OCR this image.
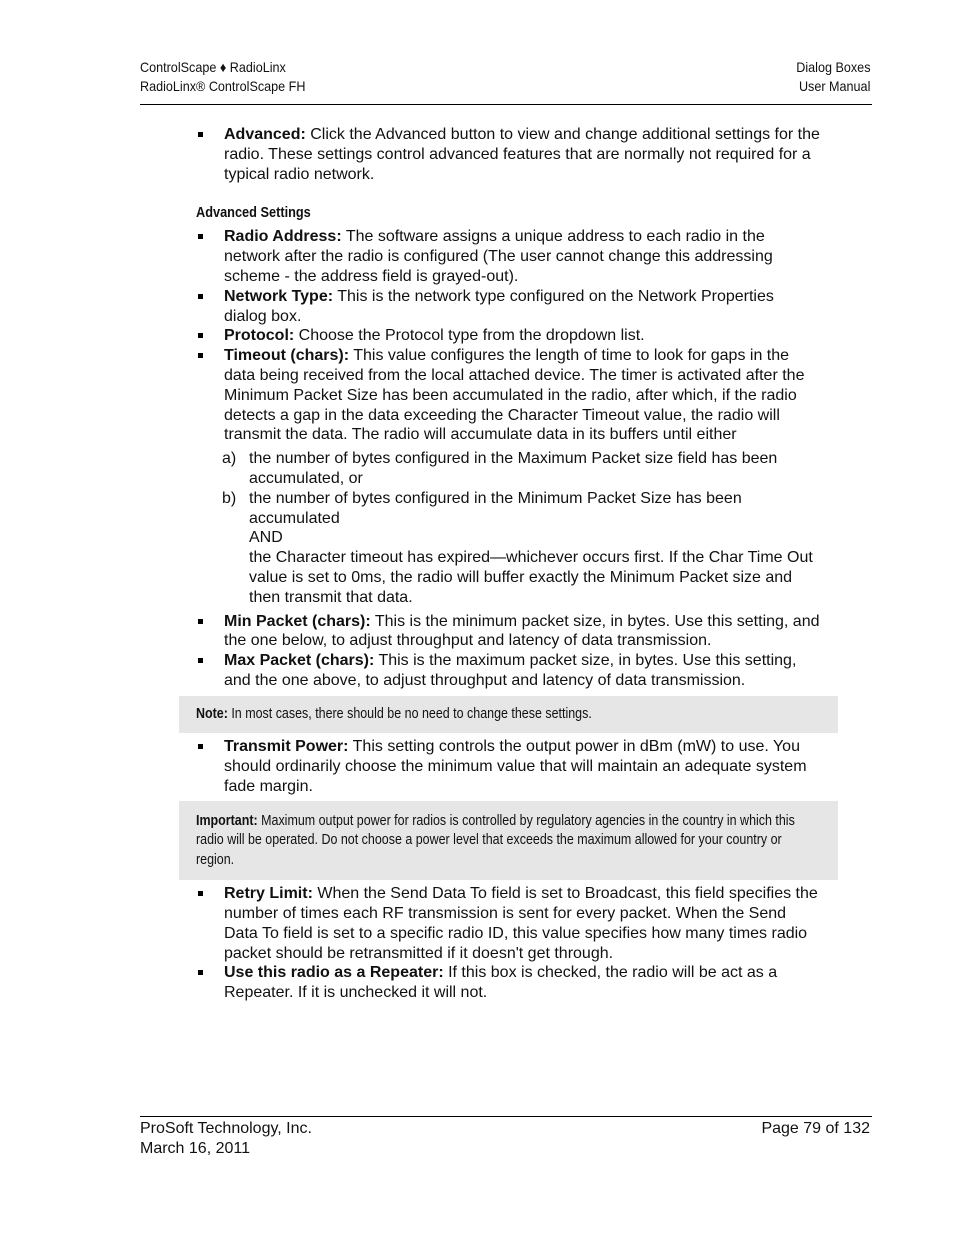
ControlScape ♦ RadioLinx
RadioLinx® ControlScape FH
Dialog Boxes
User Manual
Advanced: Click the Advanced button to view and change additional settings for the radio. These settings control advanced features that are normally not required for a typical radio network.
Advanced Settings
Radio Address: The software assigns a unique address to each radio in the network after the radio is configured (The user cannot change this addressing scheme - the address field is grayed-out).
Network Type: This is the network type configured on the Network Properties dialog box.
Protocol: Choose the Protocol type from the dropdown list.
Timeout (chars): This value configures the length of time to look for gaps in the data being received from the local attached device. The timer is activated after the Minimum Packet Size has been accumulated in the radio, after which, if the radio detects a gap in the data exceeding the Character Timeout value, the radio will transmit the data. The radio will accumulate data in its buffers until either
a) the number of bytes configured in the Maximum Packet size field has been accumulated, or
b) the number of bytes configured in the Minimum Packet Size has been accumulated
AND
the Character timeout has expired—whichever occurs first. If the Char Time Out value is set to 0ms, the radio will buffer exactly the Minimum Packet size and then transmit that data.
Min Packet (chars): This is the minimum packet size, in bytes. Use this setting, and the one below, to adjust throughput and latency of data transmission.
Max Packet (chars): This is the maximum packet size, in bytes. Use this setting, and the one above, to adjust throughput and latency of data transmission.
Note: In most cases, there should be no need to change these settings.
Transmit Power: This setting controls the output power in dBm (mW) to use. You should ordinarily choose the minimum value that will maintain an adequate system fade margin.
Important: Maximum output power for radios is controlled by regulatory agencies in the country in which this radio will be operated. Do not choose a power level that exceeds the maximum allowed for your country or region.
Retry Limit: When the Send Data To field is set to Broadcast, this field specifies the number of times each RF transmission is sent for every packet. When the Send Data To field is set to a specific radio ID, this value specifies how many times radio packet should be retransmitted if it doesn't get through.
Use this radio as a Repeater: If this box is checked, the radio will be act as a Repeater. If it is unchecked it will not.
ProSoft Technology, Inc.
March 16, 2011
Page 79 of 132
